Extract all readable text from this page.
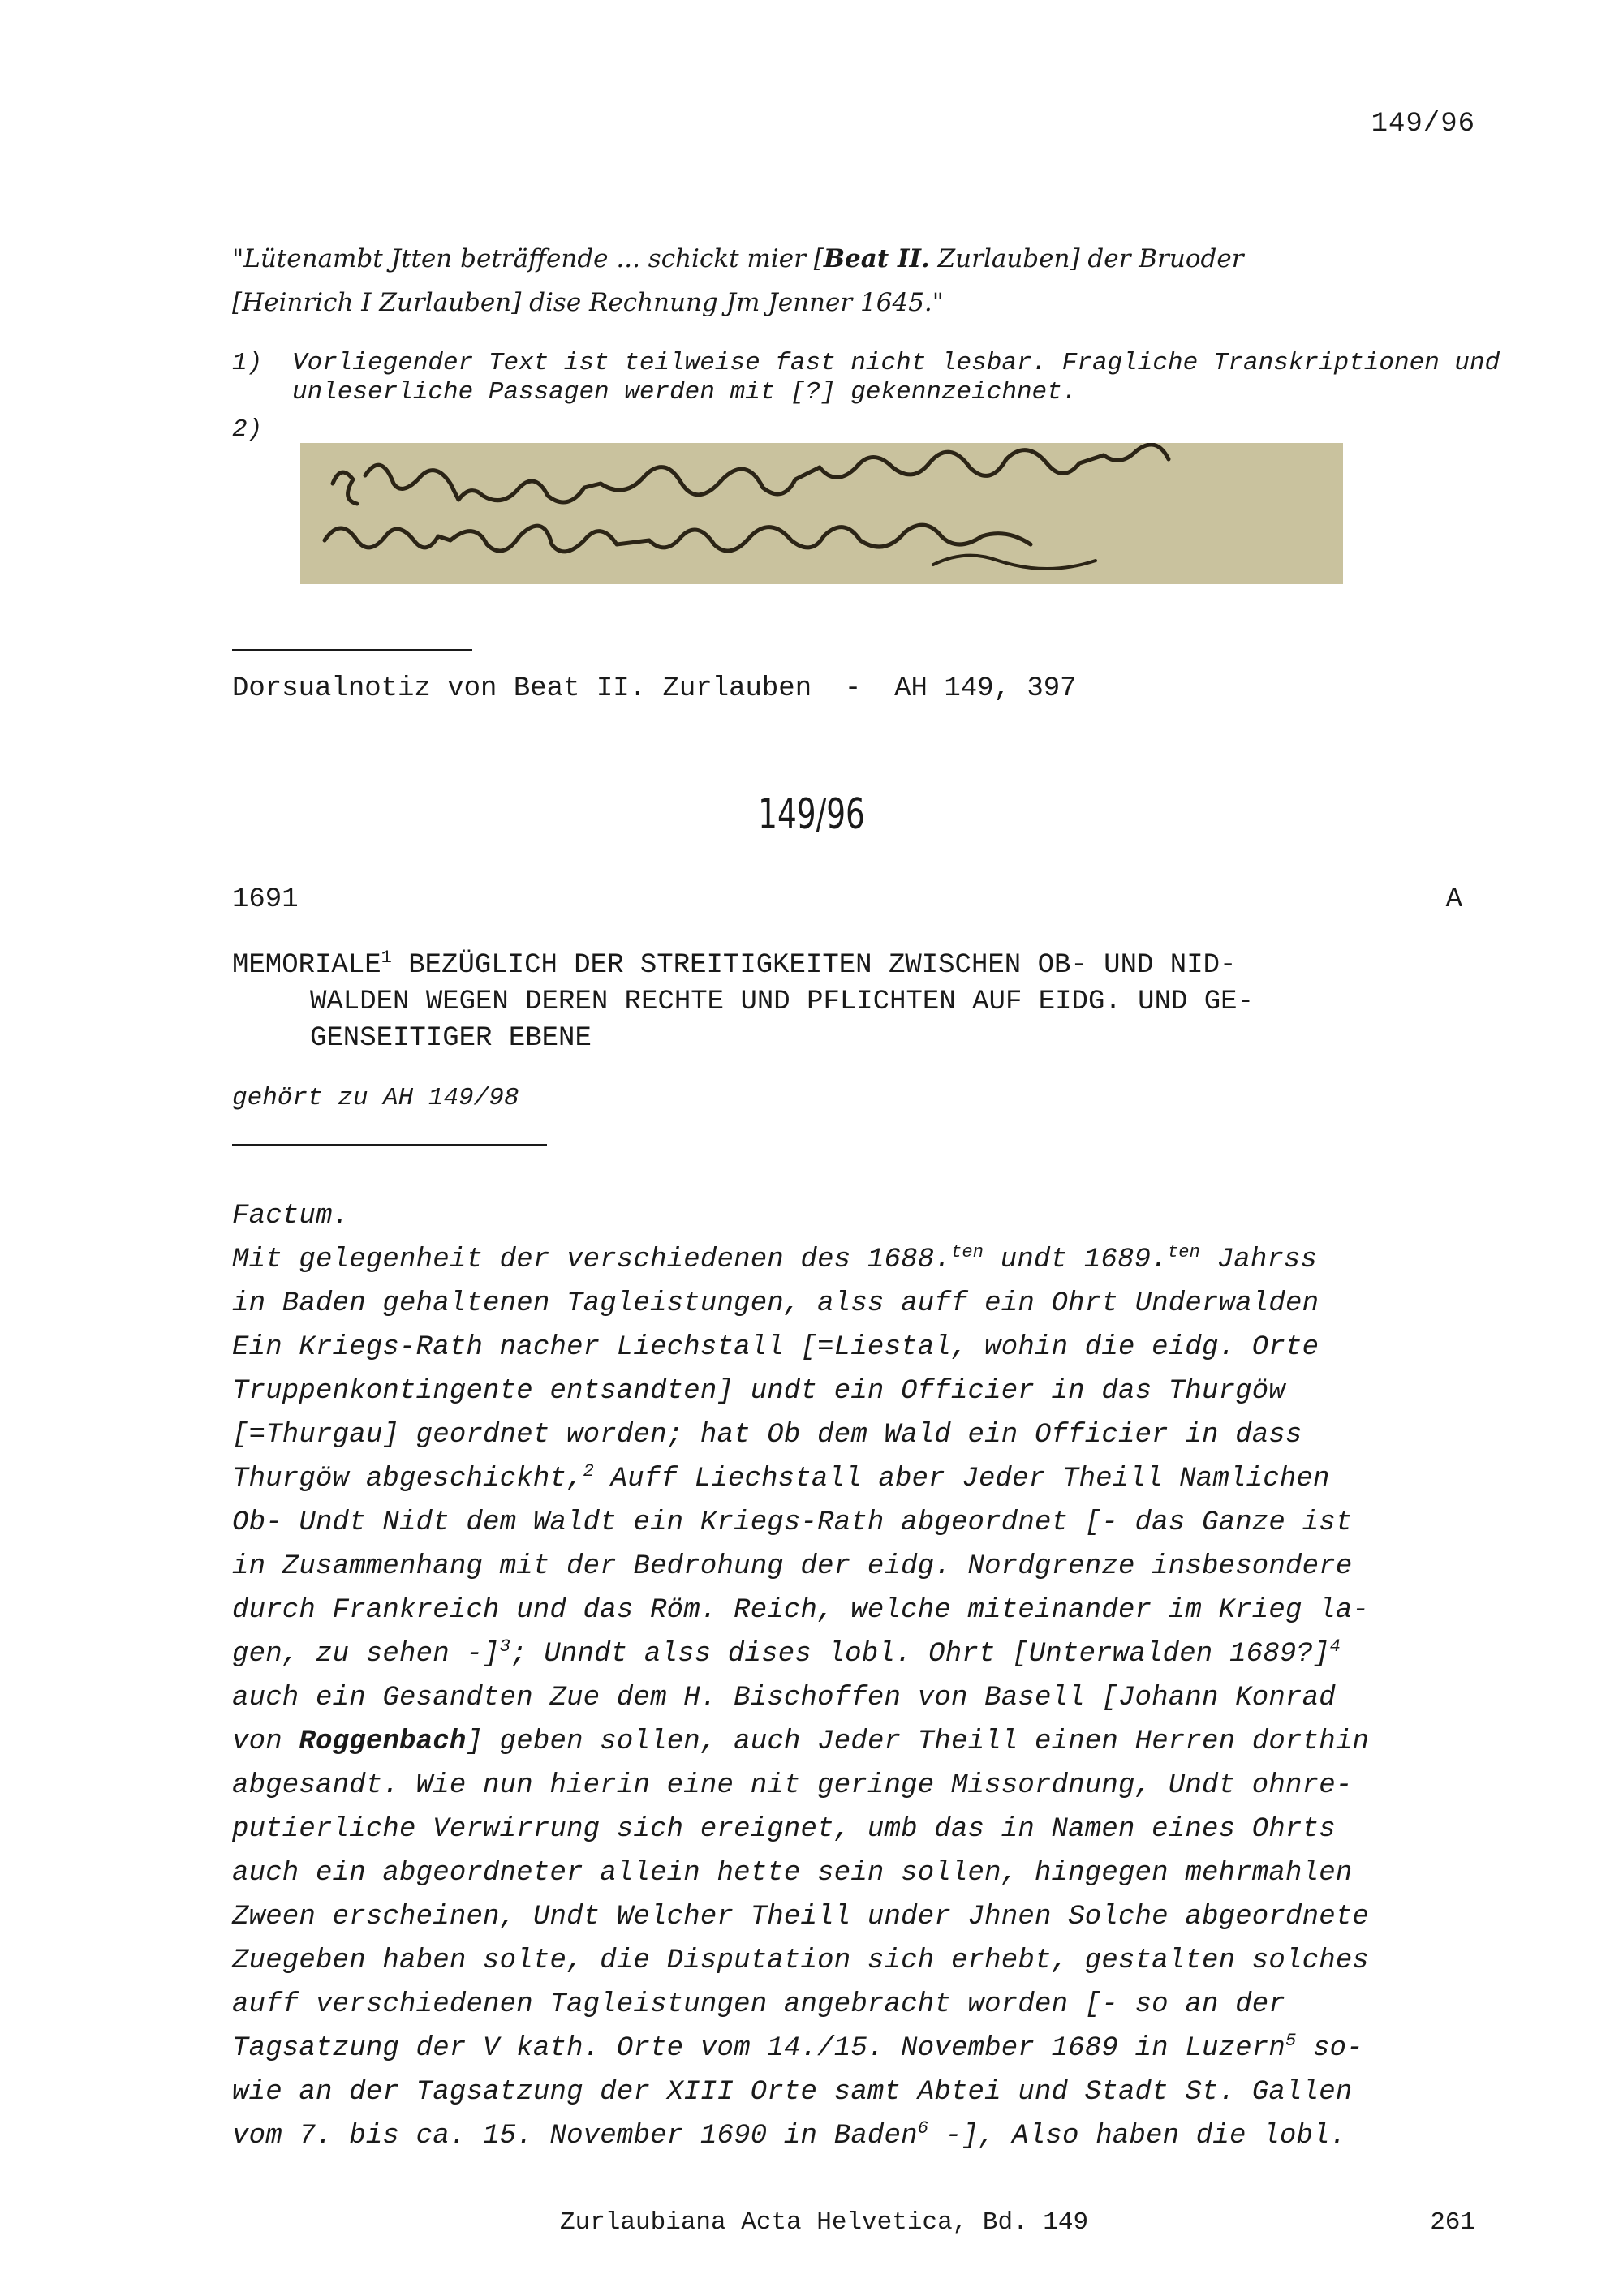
149/96
"Lütenambt Jtten beträffende ... schickt mier [Beat II. Zurlauben] der Bruoder
[Heinrich I Zurlauben] dise Rechnung Jm Jenner 1645."
1) Vorliegender Text ist teilweise fast nicht lesbar. Fragliche Transkriptionen und unleserliche Passagen werden mit [?] gekennzeichnet.
2)
Dorsualnotiz von Beat II. Zurlauben  -  AH 149, 397
149/96
1691	A
MEMORIALE$^1$ BEZÜGLICH DER STREITIGKEITEN ZWISCHEN OB- UND NID-
WALDEN WEGEN DEREN RECHTE UND PFLICHTEN AUF EIDG. UND GE-
GENSEITIGER EBENE
gehört zu AH 149/98
Factum.
Mit gelegenheit der verschiedenen des 1688.$^{ten}$ undt 1689.$^{ten}$ Jahrss
in Baden gehaltenen Tagleistungen, alss auff ein Ohrt Underwalden
Ein Kriegs-Rath nacher Liechstall [=Liestal, wohin die eidg. Orte
Truppenkontingente entsandten] undt ein Officier in das Thurgöw
[=Thurgau] geordnet worden; hat Ob dem Wald ein Officier in dass
Thurgöw abgeschickht,$^2$ Auff Liechstall aber Jeder Theill Namlichen
Ob- Undt Nidt dem Waldt ein Kriegs-Rath abgeordnet [- das Ganze ist
in Zusammenhang mit der Bedrohung der eidg. Nordgrenze insbesondere
durch Frankreich und das Röm. Reich, welche miteinander im Krieg la-
gen, zu sehen -]$^3$; Unndt alss dises lobl. Ohrt [Unterwalden 1689?]$^4$
auch ein Gesandten Zue dem H. Bischoffen von Basell [Johann Konrad
von Roggenbach] geben sollen, auch Jeder Theill einen Herren dorthin
abgesandt. Wie nun hierin eine nit geringe Missordnung, Undt ohnre-
putierliche Verwirrung sich ereignet, umb das in Namen eines Ohrts
auch ein abgeordneter allein hette sein sollen, hingegen mehrmahlen
Zween erscheinen, Undt Welcher Theill under Jhnen Solche abgeordnete
Zuegeben haben solte, die Disputation sich erhebt, gestalten solches
auff verschiedenen Tagleistungen angebracht worden [- so an der
Tagsatzung der V kath. Orte vom 14./15. November 1689 in Luzern$^5$ so-
wie an der Tagsatzung der XIII Orte samt Abtei und Stadt St. Gallen
vom 7. bis ca. 15. November 1690 in Baden$^6$ -], Also haben die lobl.
Zurlaubiana Acta Helvetica, Bd. 149	261
